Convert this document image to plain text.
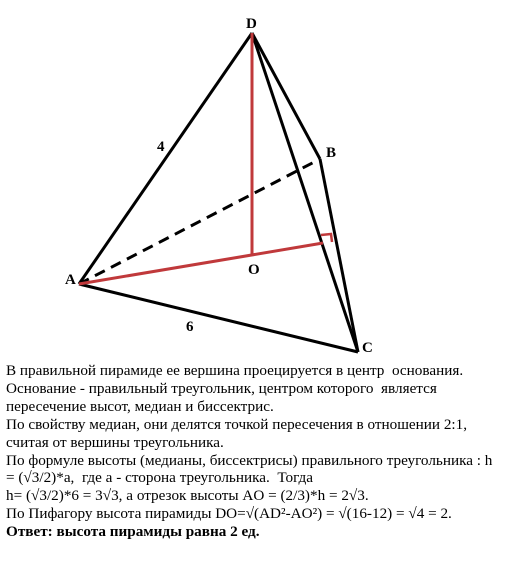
D
B
A
O
C
4
6

В правильной пирамиде ее вершина проецируется в центр  основания.

Основание - правильный треугольник, центром которого  является

пересечение высот, медиан и биссектрис.

По свойству медиан, они делятся точкой пересечения в отношении 2:1,

считая от вершины треугольника.

По формуле высоты (медианы, биссектрисы) правильного треугольника : h

= (√3/2)*a,  где a - сторона треугольника.  Тогда

h= (√3/2)*6 = 3√3, а отрезок высоты AO = (2/3)*h = 2√3.

По Пифагору высота пирамиды DO=√(AD²-AO²) = √(16-12) = √4 = 2.

Ответ: высота пирамиды равна 2 ед.
